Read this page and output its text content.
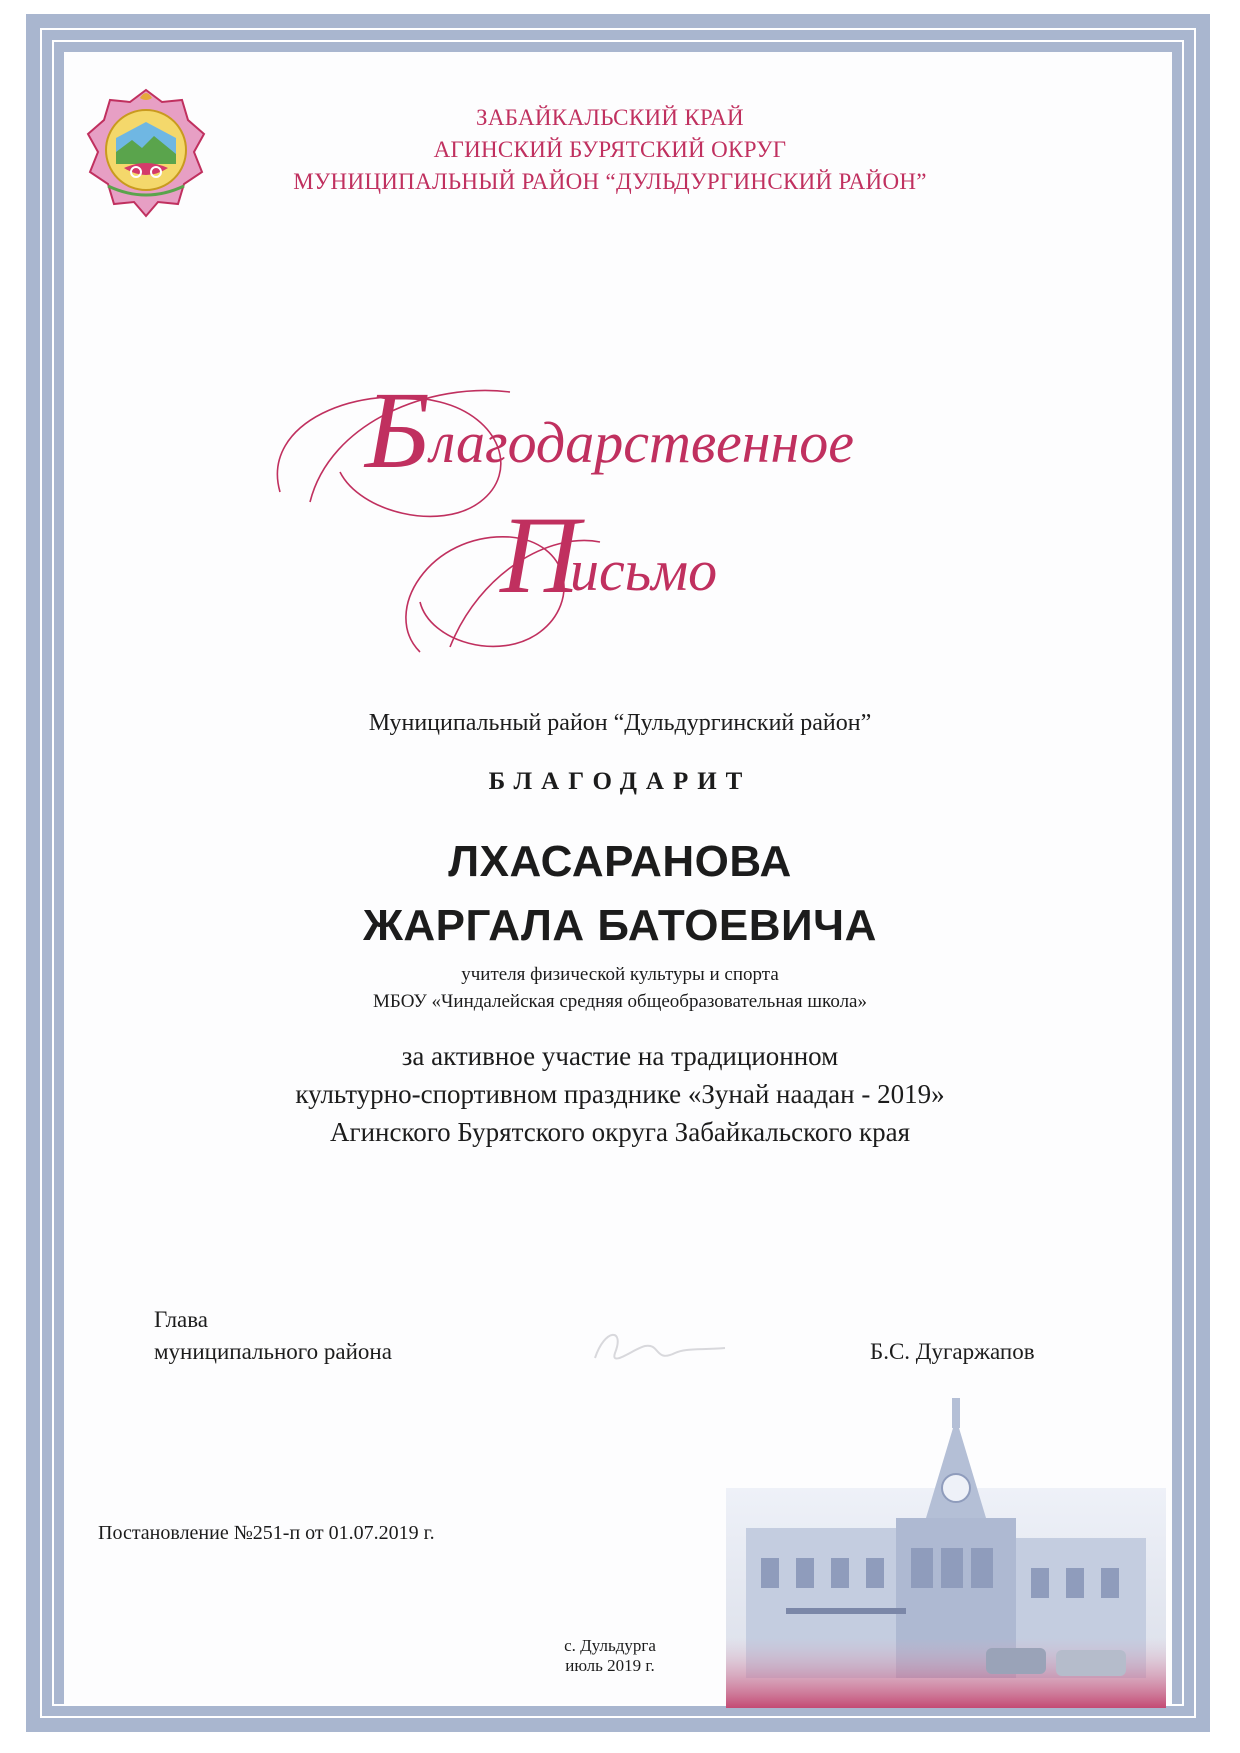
ЗАБАЙКАЛЬСКИЙ КРАЙ
АГИНСКИЙ БУРЯТСКИЙ ОКРУГ
МУНИЦИПАЛЬНЫЙ РАЙОН “ДУЛЬДУРГИНСКИЙ РАЙОН”
Б лагодарственное
П
исьмо
Муниципальный район “Дульдургинский район”
БЛАГОДАРИТ
ЛХАСАРАНОВА
ЖАРГАЛА БАТОЕВИЧА
учителя физической культуры и спорта
МБОУ «Чиндалейская средняя общеобразовательная школа»
за активное участие на традиционном
культурно-спортивном празднике «Зунай наадан - 2019»
Агинского Бурятского округа Забайкальского края
Глава
муниципального района	Б.С. Дугаржапов
Постановление №251-п от 01.07.2019 г.
с. Дульдурга
июль 2019 г.
